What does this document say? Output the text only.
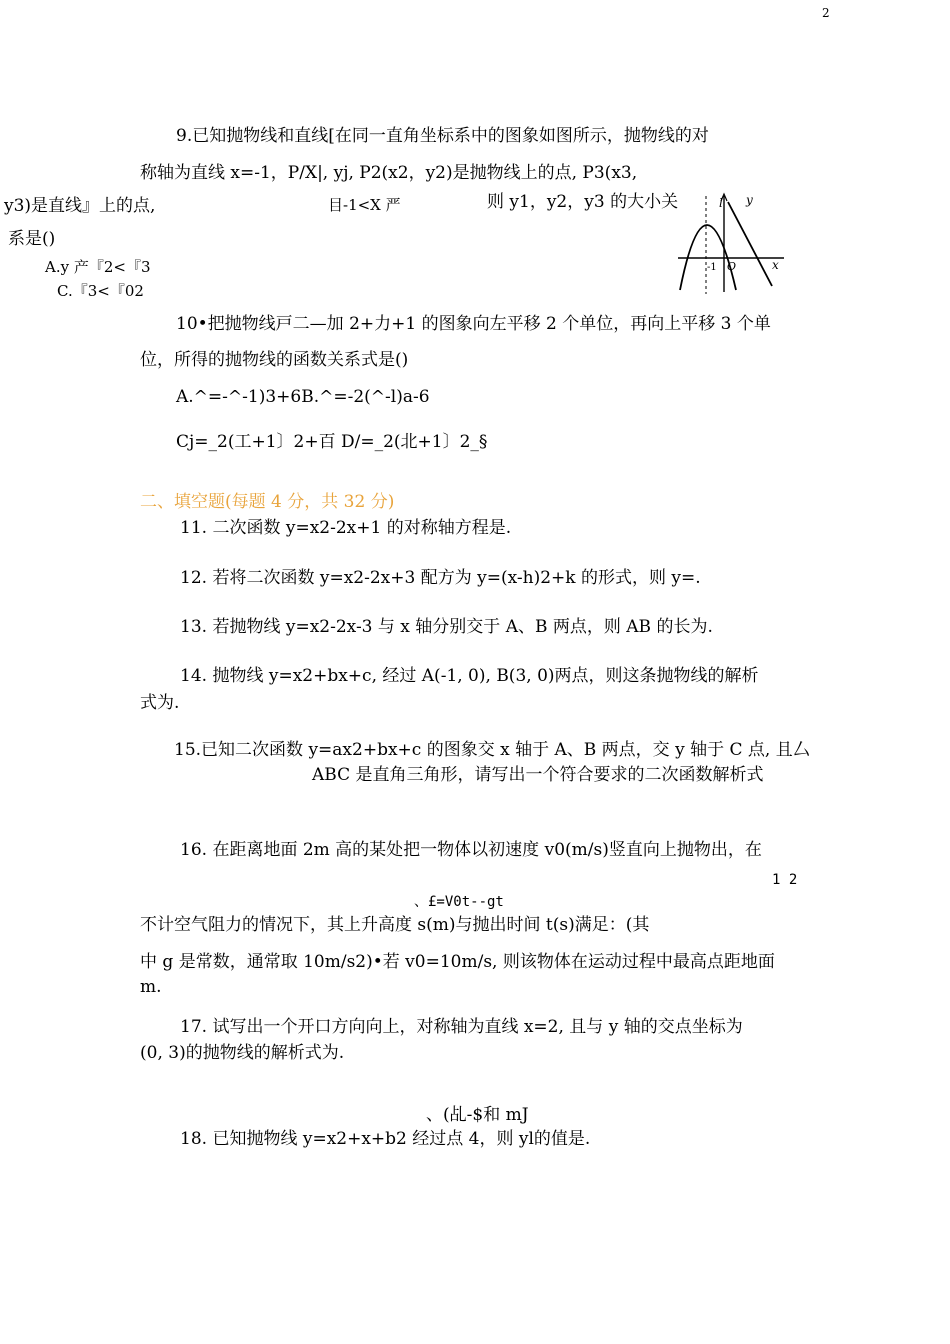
2
9.已知抛物线和直线[在同一直角坐标系中的图象如图所示，抛物线的对
称轴为直线 x=-1，P/X|, yj, P2(x2，y2)是抛物线上的点, P3(x3,
y3)是直线』上的点,	目-1<X 严	则 y1，y2，y3 的大小关
系是()
A.y 产『2<『3
C.『3<『02
y
x
-1 O
l
10•把抛物线戸二—加 2+力+1 的图象向左平移 2 个单位，再向上平移 3 个单
位，所得的抛物线的函数关系式是()
A.^=-^-1)3+6B.^=-2(^-l)a-6
Cj=_2(工+1〕2+百 D/=_2(北+1〕2_§
二、填空题(每题 4 分，共 32 分)
11. 二次函数 y=x2-2x+1 的对称轴方程是.
12. 若将二次函数 y=x2-2x+3 配方为 y=(x-h)2+k 的形式，则 y=.
13. 若抛物线 y=x2-2x-3 与 x 轴分别交于 A、B 两点，则 AB 的长为.
14. 抛物线 y=x2+bx+c, 经过 A(-1, 0), B(3, 0)两点，则这条抛物线的解析
式为.
15.已知二次函数 y=ax2+bx+c 的图象交 x 轴于 A、B 两点，交 y 轴于 C 点, 且厶
ABC 是直角三角形，请写出一个符合要求的二次函数解析式
16. 在距离地面 2m 高的某处把一物体以初速度 v0(m/s)竖直向上抛物出，在
1 2
、£=V0t--gt
不计空气阻力的情况下，其上升高度 s(m)与抛出时间 t(s)满足：(其
中 g 是常数，通常取 10m/s2)•若 v0=10m/s, 则该物体在运动过程中最高点距地面
m.
17. 试写出一个开口方向向上，对称轴为直线 x=2, 且与 y 轴的交点坐标为
(0, 3)的抛物线的解析式为.
、(乩-$和 mJ
18. 已知抛物线 y=x2+x+b2 经过点 4，则 yl的值是.
